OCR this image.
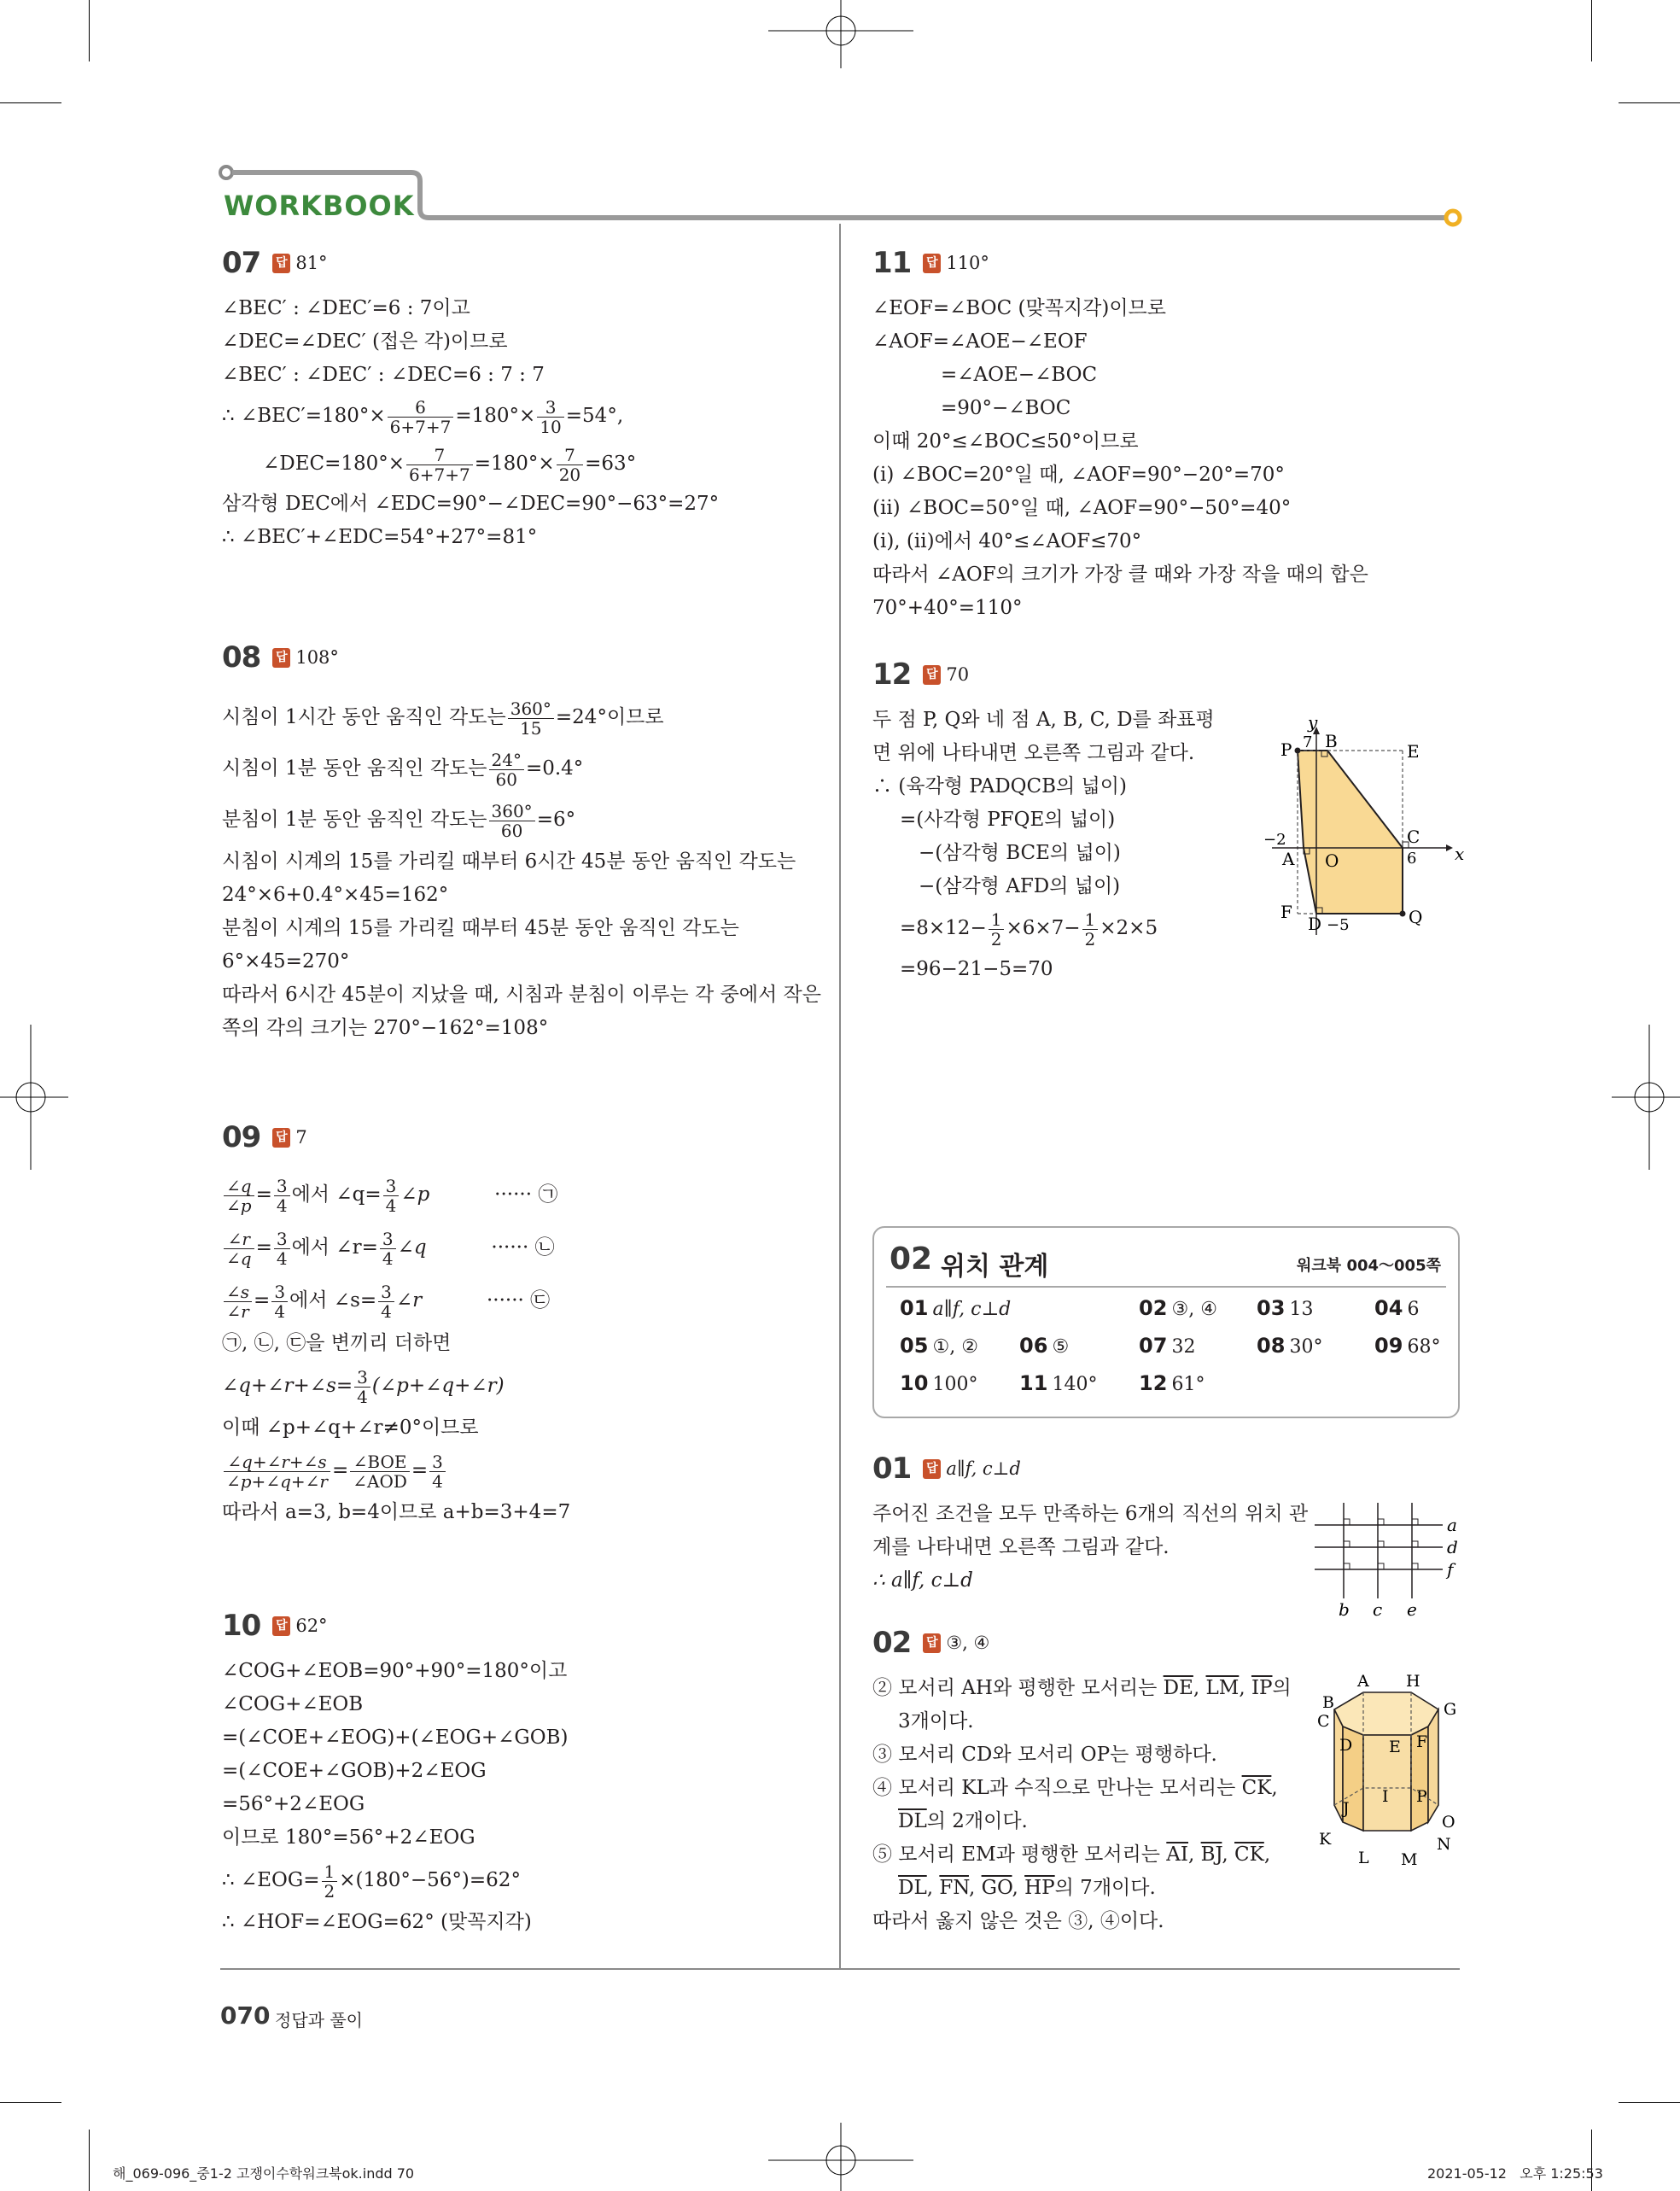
WORKBOOK
07 답 81°
∠BEC′ : ∠DEC′=6 : 7이고
∠DEC=∠DEC′ (접은 각)이므로
∠BEC′ : ∠DEC′ : ∠DEC=6 : 7 : 7
∴ ∠BEC′=180°× $\frac{6}{6+7+7} =180^\circ\times \frac{3}{10} =54^\circ$,
∠DEC=180°× $\frac{7}{6+7+7} =180^\circ\times \frac{7}{20} =63^\circ$
삼각형 DEC에서 ∠EDC=90°−∠DEC=90°−63°=27°
∴ ∠BEC′+∠EDC=54°+27°=81°
08 답 108°
시침이 1시간 동안 움직인 각도는 $\frac{360^\circ}{15} =24^\circ$이므로
시침이 1분 동안 움직인 각도는 $\frac{24^\circ}{60} =0.4^\circ$
분침이 1분 동안 움직인 각도는 $\frac{360^\circ}{60} =6^\circ$
시침이 시계의 15를 가리킬 때부터 6시간 45분 동안 움직인 각도는
24°×6+0.4°×45=162°
분침이 시계의 15를 가리킬 때부터 45분 동안 움직인 각도는
6°×45=270°
따라서 6시간 45분이 지났을 때, 시침과 분침이 이루는 각 중에서 작은
쪽의 각의 크기는 270°−162°=108°
09 답 7
$\frac{\angle q}{\angle p} = \frac{3}{4}$ 에서 ∠q= $\frac{3}{4}$ ∠p	······ ㉠
$\frac{\angle r}{\angle q} = \frac{3}{4}$ 에서 ∠r= $\frac{3}{4}$ ∠q	······ ㉡
$\frac{\angle s}{\angle r} = \frac{3}{4}$ 에서 ∠s= $\frac{3}{4}$ ∠r	······ ㉢
㉠, ㉡, ㉢을 변끼리 더하면
∠q+∠r+∠s= $\frac{3}{4}$ (∠p+∠q+∠r)
이때 ∠p+∠q+∠r≠0°이므로
$\frac{\angle q+\angle r+\angle s}{\angle p+\angle q+\angle r} = \frac{\text{∠BOE}}{\text{∠AOD}} = \frac{3}{4}$
따라서 a=3, b=4이므로 a+b=3+4=7
10 답 62°
∠COG+∠EOB=90°+90°=180°이고
∠COG+∠EOB
=(∠COE+∠EOG)+(∠EOG+∠GOB)
=(∠COE+∠GOB)+2∠EOG
=56°+2∠EOG
이므로 180°=56°+2∠EOG
∴ ∠EOG= $\frac{1}{2} \times(180^\circ-56^\circ)=62^\circ$
∴ ∠HOF=∠EOG=62° (맞꼭지각)
11 답 110°
∠EOF=∠BOC (맞꼭지각)이므로
∠AOF=∠AOE−∠EOF
=∠AOE−∠BOC
=90°−∠BOC
이때 20°≤∠BOC≤50°이므로
(ⅰ) ∠BOC=20°일 때, ∠AOF=90°−20°=70°
(ⅱ) ∠BOC=50°일 때, ∠AOF=90°−50°=40°
(ⅰ), (ⅱ)에서 40°≤∠AOF≤70°
따라서 ∠AOF의 크기가 가장 클 때와 가장 작을 때의 합은
70°+40°=110°
12 답 70
두 점 P, Q와 네 점 A, B, C, D를 좌표평
면 위에 나타내면 오른쪽 그림과 같다.
∴ (육각형 PADQCB의 넓이)
=(사각형 PFQE의 넓이)
−(삼각형 BCE의 넓이)
−(삼각형 AFD의 넓이)
$=8\times 12- \frac{1}{2} \times 6\times 7- \frac{1}{2} \times 2\times 5$
=96−21−5=70
y
x
7 B	E
P
−2
A O
C
6
F
D −5	Q
02 위치 관계	워크북 004～005쪽
01 a∥f, c⊥d	02 ③, ④ 03 13	04 6
05 ①, ② 06 ⑤	07 32	08 30°	09 68°
10 100° 11 140° 12 61°
01 답 a∥f, c⊥d
주어진 조건을 모두 만족하는 6개의 직선의 위치 관
계를 나타내면 오른쪽 그림과 같다.
∴ a∥f, c⊥d
a
d
f
b c e
02 답 ③, ④
② 모서리 AH와 평행한 모서리는 $\overline{DE}$, $\overline{LM}$, $\overline{IP}$의
3개이다.
③ 모서리 CD와 모서리 OP는 평행하다.
④ 모서리 KL과 수직으로 만나는 모서리는 $\overline{CK}$,
$\overline{DL}$의 2개이다.
⑤ 모서리 EM과 평행한 모서리는 $\overline{AI}$, $\overline{BJ}$, $\overline{CK}$,
$\overline{DL}$, $\overline{FN}$, $\overline{GO}$, $\overline{HP}$의 7개이다.
따라서 옳지 않은 것은 ③, ④이다.
A H
B	G
C
D E F
I
J
P
K
O
N
L M
070 정답과 풀이
해_069-096_중1-2 고쟁이수학워크북ok.indd 70	2021-05-12   오후 1:25:53
